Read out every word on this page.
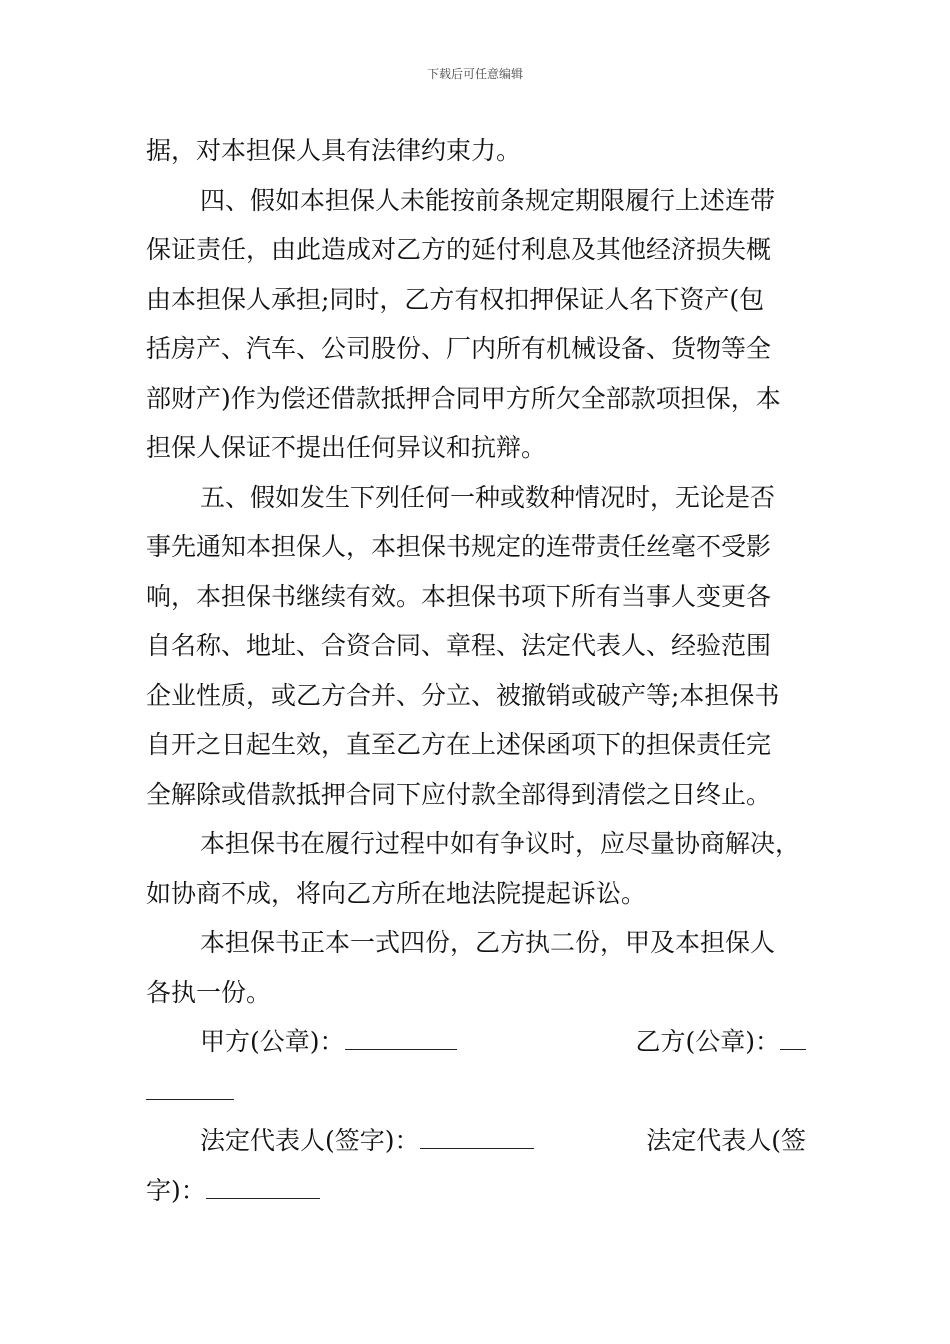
下载后可任意编辑
据，对本担保人具有法律约束力。
四、假如本担保人未能按前条规定期限履行上述连带
保证责任，由此造成对乙方的延付利息及其他经济损失概
由本担保人承担;同时，乙方有权扣押保证人名下资产(包
括房产、汽车、公司股份、厂内所有机械设备、货物等全
部财产)作为偿还借款抵押合同甲方所欠全部款项担保，本
担保人保证不提出任何异议和抗辩。
五、假如发生下列任何一种或数种情况时，无论是否
事先通知本担保人，本担保书规定的连带责任丝毫不受影
响，本担保书继续有效。本担保书项下所有当事人变更各
自名称、地址、合资合同、章程、法定代表人、经验范围
企业性质，或乙方合并、分立、被撤销或破产等;本担保书
自开之日起生效，直至乙方在上述保函项下的担保责任完
全解除或借款抵押合同下应付款全部得到清偿之日终止。
本担保书在履行过程中如有争议时，应尽量协商解决，
如协商不成，将向乙方所在地法院提起诉讼。
本担保书正本一式四份，乙方执二份，甲及本担保人
各执一份。
甲方(公章)：	乙方(公章)：
法定代表人(签字)：	法定代表人(签
字)：
